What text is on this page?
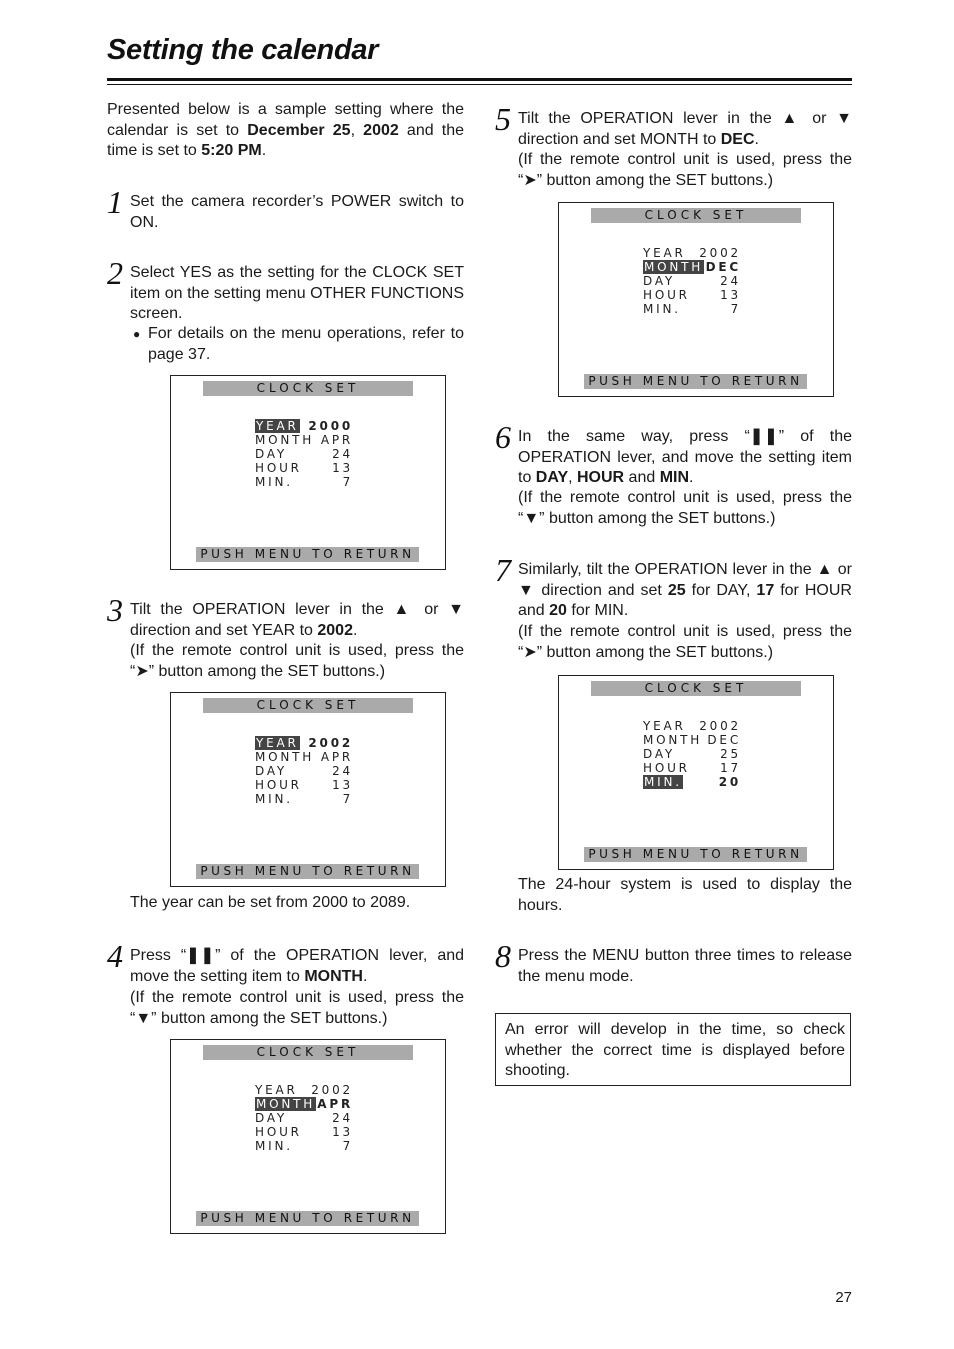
Setting the calendar
Presented below is a sample setting where the calendar is set to December 25, 2002 and the time is set to 5:20 PM.
1 Set the camera recorder’s POWER switch to ON.
2 Select YES as the setting for the CLOCK SET item on the setting menu OTHER FUNCTIONS screen.
● For details on the menu operations, refer to page 37.
CLOCK SET
YEAR 2000
MONTH APR
DAY	24
HOUR	13
MIN.	7
PUSH MENU TO RETURN
3 Tilt the OPERATION lever in the ▲ or ▼ direction and set YEAR to 2002.
(If the remote control unit is used, press the “➤” button among the SET buttons.)
CLOCK SET
YEAR 2002
MONTH APR
DAY	24
HOUR	13
MIN.	7
PUSH MENU TO RETURN
The year can be set from 2000 to 2089.
4 Press “❚❚” of the OPERATION lever, and move the setting item to MONTH.
(If the remote control unit is used, press the “▼” button among the SET buttons.)
CLOCK SET
YEAR 2002
MONTH APR
DAY	24
HOUR	13
MIN.	7
PUSH MENU TO RETURN
5 Tilt the OPERATION lever in the ▲ or ▼ direction and set MONTH to DEC.
(If the remote control unit is used, press the “➤” button among the SET buttons.)
CLOCK SET
YEAR 2002
MONTH DEC
DAY	24
HOUR	13
MIN.	7
PUSH MENU TO RETURN
6 In the same way, press “❚❚” of the OPERATION lever, and move the setting item to DAY, HOUR and MIN.
(If the remote control unit is used, press the “▼” button among the SET buttons.)
7 Similarly, tilt the OPERATION lever in the ▲ or ▼ direction and set 25 for DAY, 17 for HOUR and 20 for MIN.
(If the remote control unit is used, press the “➤” button among the SET buttons.)
CLOCK SET
YEAR 2002
MONTH DEC
DAY	25
HOUR	17
MIN.	20
PUSH MENU TO RETURN
The 24-hour system is used to display the hours.
8 Press the MENU button three times to release the menu mode.
An error will develop in the time, so check whether the correct time is displayed before shooting.
27
